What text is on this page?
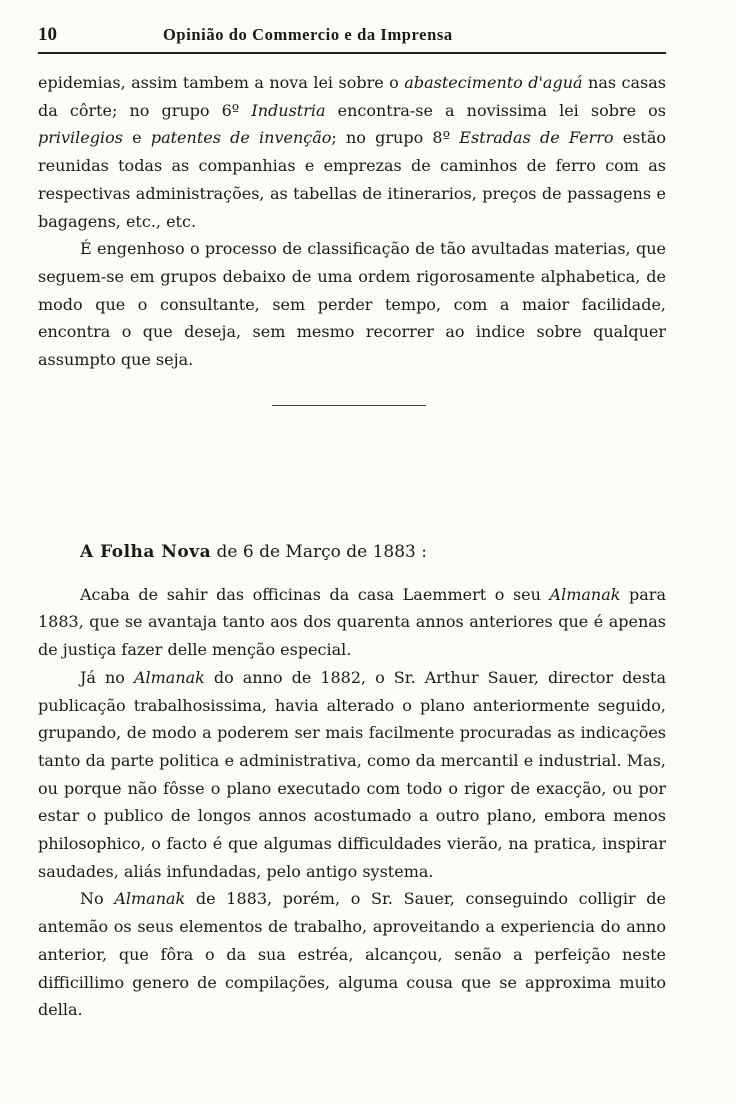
10	Opinião do Commercio e da Imprensa

epidemias, assim tambem a nova lei sobre o abastecimento d'aguá nas casas da côrte; no grupo 6º Industria encontra-se a novissima lei sobre os privilegios e patentes de invenção; no grupo 8º Estradas de Ferro estão reunidas todas as companhias e emprezas de caminhos de ferro com as respectivas administrações, as tabellas de itinerarios, preços de passagens e bagagens, etc., etc.

É engenhoso o processo de classificação de tão avultadas materias, que seguem-se em grupos debaixo de uma ordem rigorosamente alphabetica, de modo que o consultante, sem perder tempo, com a maior facilidade, encontra o que deseja, sem mesmo recorrer ao indice sobre qualquer assumpto que seja.

A Folha Nova de 6 de Março de 1883 :

Acaba de sahir das officinas da casa Laemmert o seu Almanak para 1883, que se avantaja tanto aos dos quarenta annos anteriores que é apenas de justiça fazer delle menção especial.

Já no Almanak do anno de 1882, o Sr. Arthur Sauer, director desta publicação trabalhosissima, havia alterado o plano anteriormente seguido, grupando, de modo a poderem ser mais facilmente procuradas as indicações tanto da parte politica e administrativa, como da mercantil e industrial. Mas, ou porque não fôsse o plano executado com todo o rigor de exacção, ou por estar o publico de longos annos acostumado a outro plano, embora menos philosophico, o facto é que algumas difficuldades vierão, na pratica, inspirar saudades, aliás infundadas, pelo antigo systema.

No Almanak de 1883, porém, o Sr. Sauer, conseguindo colligir de antemão os seus elementos de trabalho, aproveitando a experiencia do anno anterior, que fôra o da sua estréa, alcançou, senão a perfeição neste difficillimo genero de compilações, alguma cousa que se approxima muito della.
